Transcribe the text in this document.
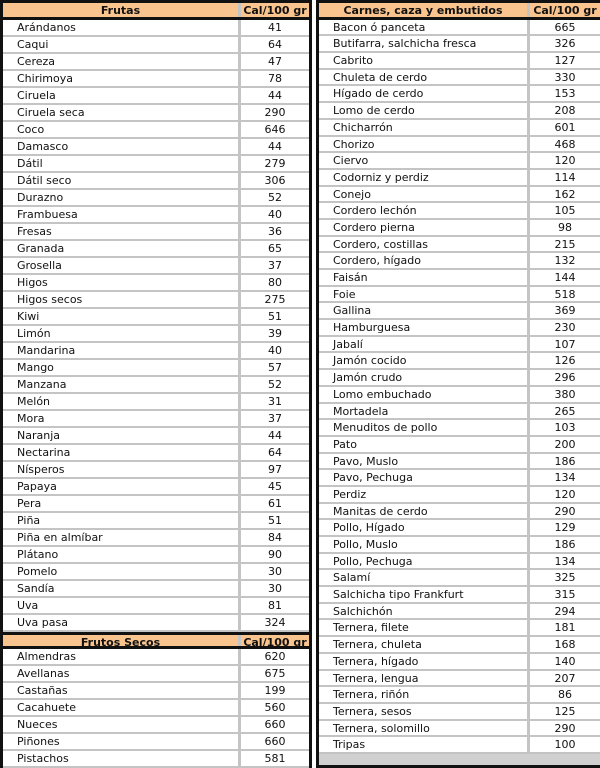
Frutas	Cal/100 gr
Arándanos	41
Caqui	64
Cereza	47
Chirimoya	78
Ciruela	44
Ciruela seca	290
Coco	646
Damasco	44
Dátil	279
Dátil seco	306
Durazno	52
Frambuesa	40
Fresas	36
Granada	65
Grosella	37
Higos	80
Higos secos	275
Kiwi	51
Limón	39
Mandarina	40
Mango	57
Manzana	52
Melón	31
Mora	37
Naranja	44
Nectarina	64
Nísperos	97
Papaya	45
Pera	61
Piña	51
Piña en almíbar	84
Plátano	90
Pomelo	30
Sandía	30
Uva	81
Uva pasa	324
Frutos Secos	Cal/100 gr
Almendras	620
Avellanas	675
Castañas	199
Cacahuete	560
Nueces	660
Piñones	660
Pistachos	581
Carnes, caza y embutidos	Cal/100 gr
Bacon ó panceta	665
Butifarra, salchicha fresca	326
Cabrito	127
Chuleta de cerdo	330
Hígado de cerdo	153
Lomo de cerdo	208
Chicharrón	601
Chorizo	468
Ciervo	120
Codorniz y perdiz	114
Conejo	162
Cordero lechón	105
Cordero pierna	98
Cordero, costillas	215
Cordero, hígado	132
Faisán	144
Foie	518
Gallina	369
Hamburguesa	230
Jabalí	107
Jamón cocido	126
Jamón crudo	296
Lomo embuchado	380
Mortadela	265
Menuditos de pollo	103
Pato	200
Pavo, Muslo	186
Pavo, Pechuga	134
Perdiz	120
Manitas de cerdo	290
Pollo, Hígado	129
Pollo, Muslo	186
Pollo, Pechuga	134
Salamí	325
Salchicha tipo Frankfurt	315
Salchichón	294
Ternera, filete	181
Ternera, chuleta	168
Ternera, hígado	140
Ternera, lengua	207
Ternera, riñón	86
Ternera, sesos	125
Ternera, solomillo	290
Tripas	100
